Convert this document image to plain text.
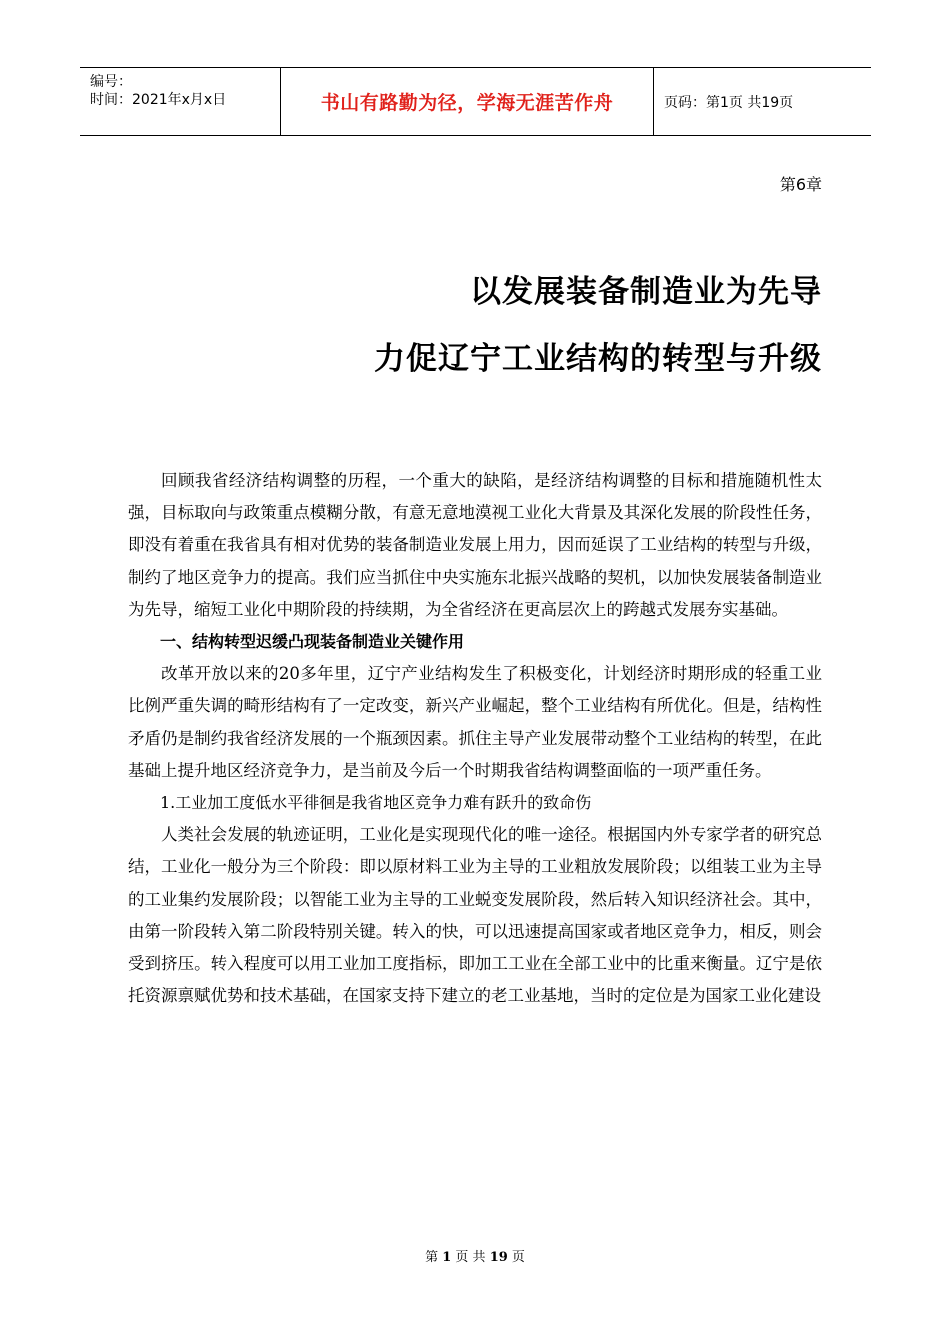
编号：
时间：2021年x月x日	书山有路勤为径，学海无涯苦作舟	页码：第1页 共19页
第6章
以发展装备制造业为先导
力促辽宁工业结构的转型与升级

回顾我省经济结构调整的历程，一个重大的缺陷，是经济结构调整的目标和措施随机性太强，目标取向与政策重点模糊分散，有意无意地漠视工业化大背景及其深化发展的阶段性任务，即没有着重在我省具有相对优势的装备制造业发展上用力，因而延误了工业结构的转型与升级，制约了地区竞争力的提高。我们应当抓住中央实施东北振兴战略的契机，以加快发展装备制造业为先导，缩短工业化中期阶段的持续期，为全省经济在更高层次上的跨越式发展夯实基础。

一、结构转型迟缓凸现装备制造业关键作用

改革开放以来的20多年里，辽宁产业结构发生了积极变化，计划经济时期形成的轻重工业比例严重失调的畸形结构有了一定改变，新兴产业崛起，整个工业结构有所优化。但是，结构性矛盾仍是制约我省经济发展的一个瓶颈因素。抓住主导产业发展带动整个工业结构的转型，在此基础上提升地区经济竞争力，是当前及今后一个时期我省结构调整面临的一项严重任务。

1.工业加工度低水平徘徊是我省地区竞争力难有跃升的致命伤

人类社会发展的轨迹证明，工业化是实现现代化的唯一途径。根据国内外专家学者的研究总结，工业化一般分为三个阶段：即以原材料工业为主导的工业粗放发展阶段；以组装工业为主导的工业集约发展阶段；以智能工业为主导的工业蜕变发展阶段，然后转入知识经济社会。其中，由第一阶段转入第二阶段特别关键。转入的快，可以迅速提高国家或者地区竞争力，相反，则会受到挤压。转入程度可以用工业加工度指标，即加工工业在全部工业中的比重来衡量。辽宁是依托资源禀赋优势和技术基础，在国家支持下建立的老工业基地，当时的定位是为国家工业化建设

第 1 页 共 19 页
